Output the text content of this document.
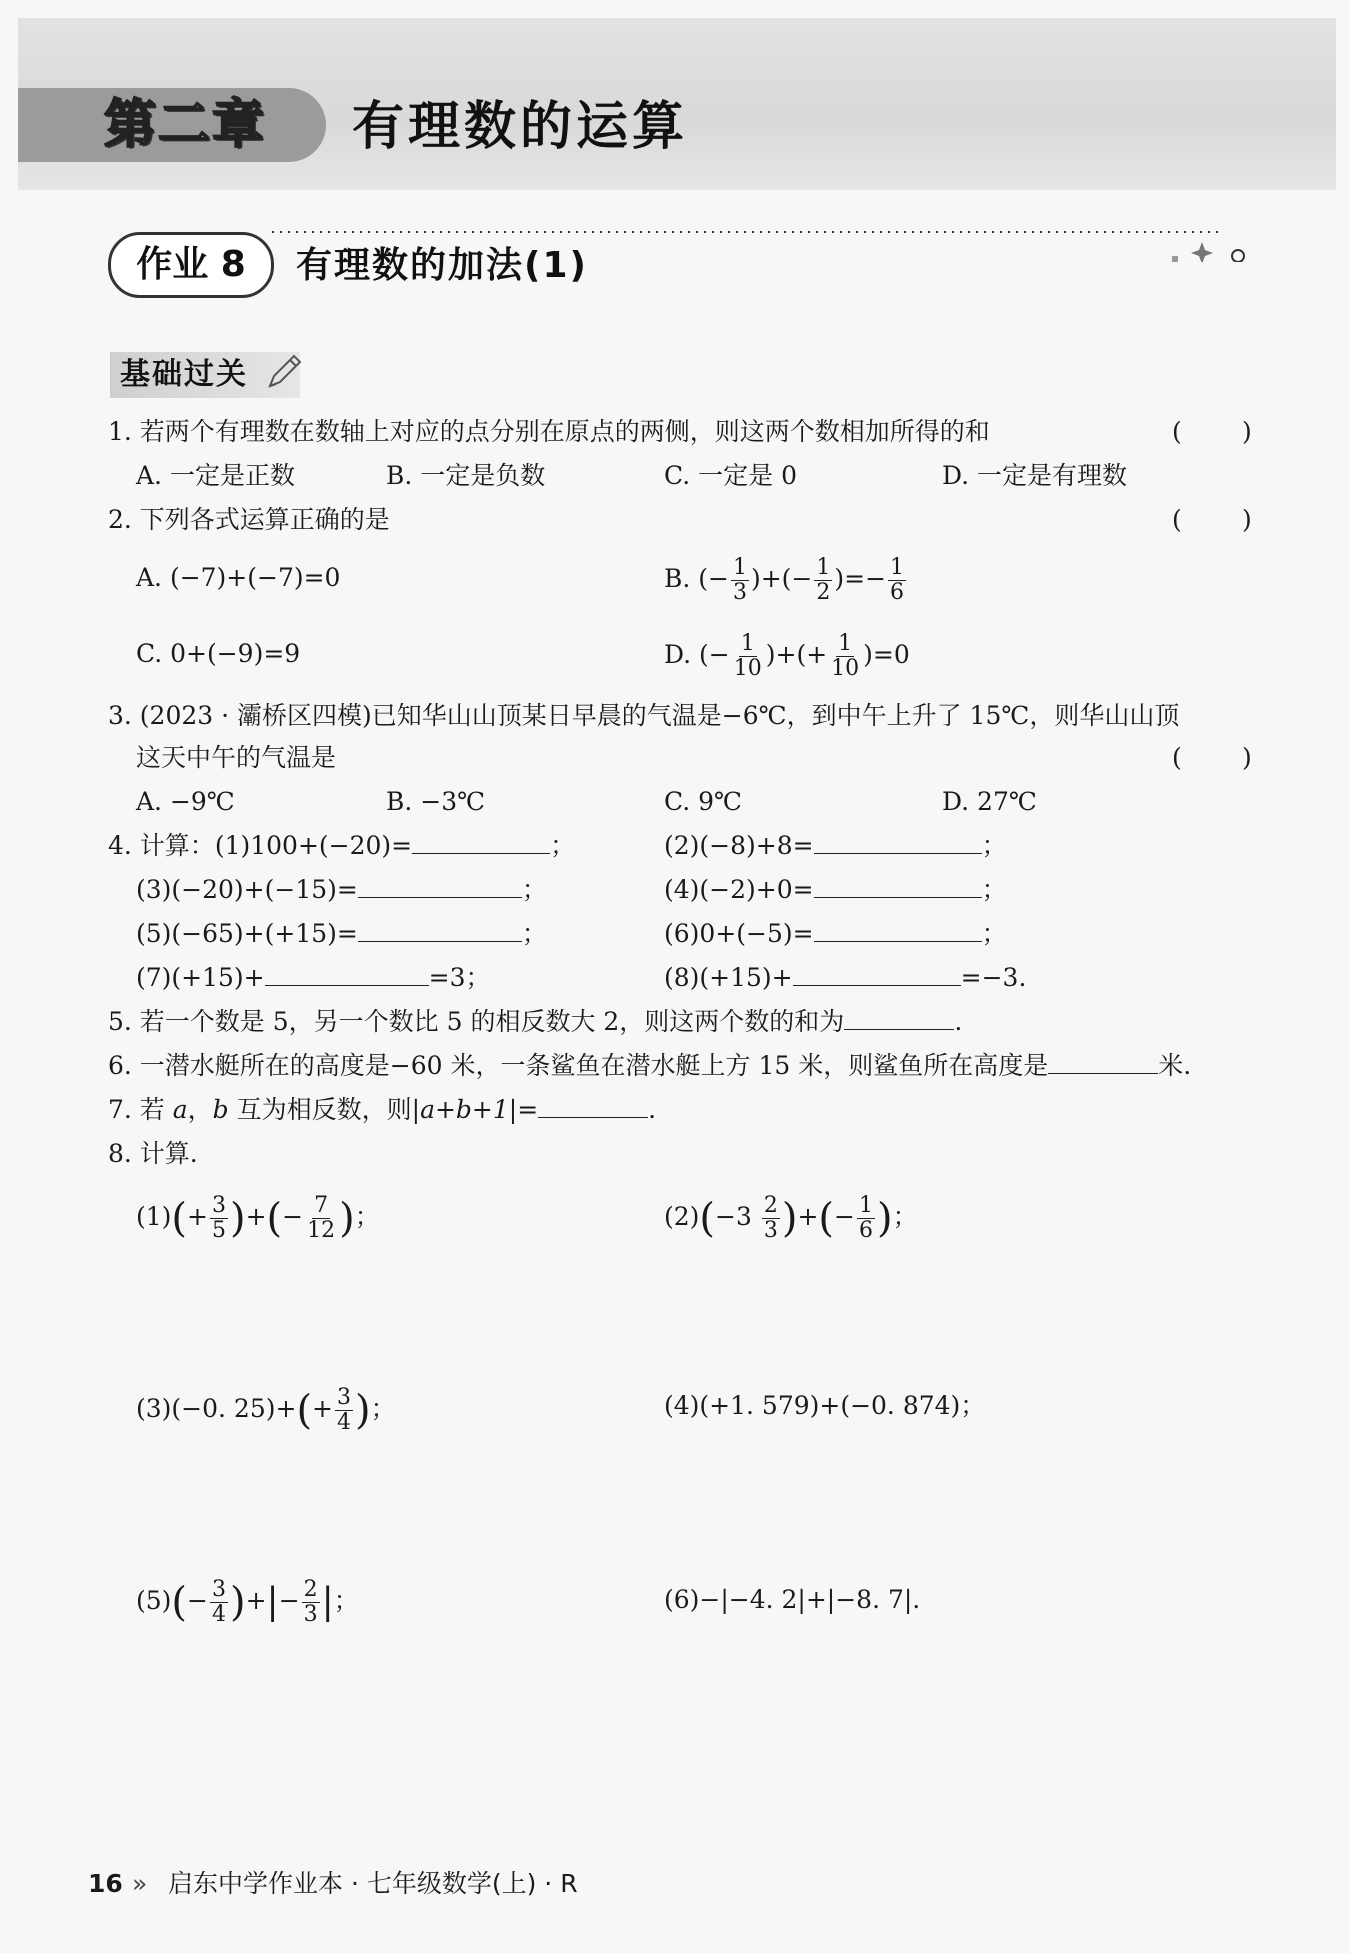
第二章	有理数的运算
作业 8	有理数的加法(1)
基础过关
1. 若两个有理数在数轴上对应的点分别在原点的两侧，则这两个数相加所得的和	( )
A. 一定是正数	B. 一定是负数	C. 一定是 0	D. 一定是有理数
2. 下列各式运算正确的是	( )
A. (−7)+(−7)=0	B. (− $\frac{1}{3}$ )+(− $\frac{1}{2}$ )=− $\frac{1}{6}$
C. 0+(−9)=9	D. (− $\frac{1}{10}$ )+(+ $\frac{1}{10} )=0$
3. (2023 · 灞桥区四模)已知华山山顶某日早晨的气温是−6℃，到中午上升了 15℃，则华山山顶
这天中午的气温是	( )
A. −9℃	B. −3℃	C. 9℃	D. 27℃
4. 计算：(1)100+(−20)=	；	(2)(−8)+8=	；
(3)(−20)+(−15)=	；	(4)(−2)+0=	；
(5)(−65)+(+15)=	；	(6)0+(−5)=	；
(7)(+15)+	=3；	(8)(+15)+	=−3.
5. 若一个数是 5，另一个数比 5 的相反数大 2，则这两个数的和为	.
6. 一潜水艇所在的高度是−60 米，一条鲨鱼在潜水艇上方 15 米，则鲨鱼所在高度是	米.
7. 若 a，b 互为相反数，则|a+b+1|=	.
8. 计算.
$(1)(+ \frac{3}{5}$ )+(− $\frac{7}{12}$ )；	$(2)(-3 \frac{2}{3}$ )+(− $\frac{1}{6}$ )；
(3)(−0. $25)+(+ \frac{3}{4}$ )；	(4)(+1. 579)+(−0. 874)；
$(5)(- \frac{3}{4}$ )+|− $\frac{2}{3}$ |；	(6)−|−4. 2|+|−8. 7|.
16 » 启东中学作业本 · 七年级数学(上) · R
